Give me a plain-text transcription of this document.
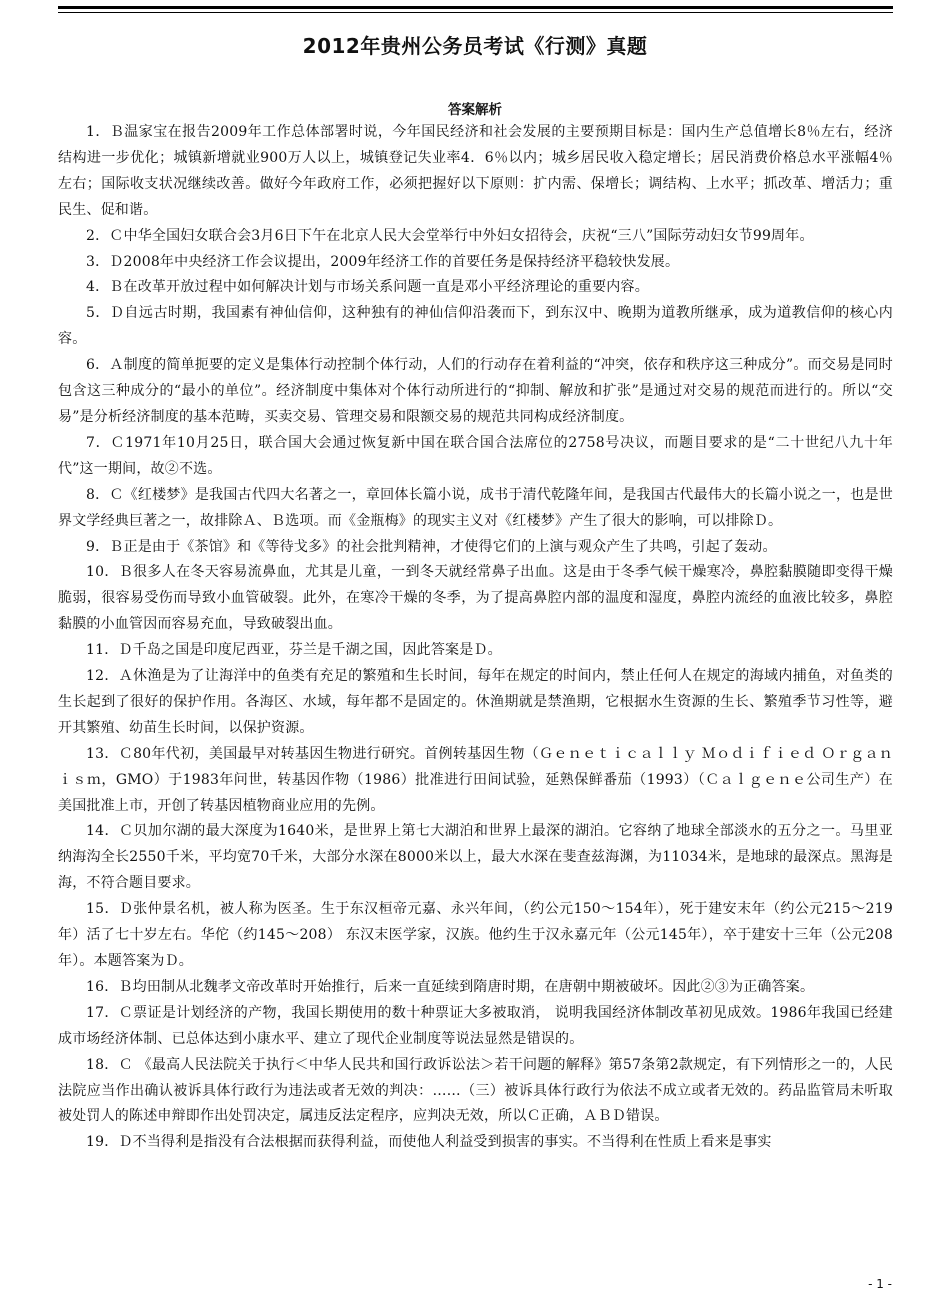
2012年贵州公务员考试《行测》真题
答案解析

1．Ｂ温家宝在报告2009年工作总体部署时说，今年国民经济和社会发展的主要预期目标是：国内生产总值增长8％左右，经济结构进一步优化；城镇新增就业900万人以上，城镇登记失业率4．6％以内；城乡居民收入稳定增长；居民消费价格总水平涨幅4％左右；国际收支状况继续改善。做好今年政府工作，必须把握好以下原则：扩内需、保增长；调结构、上水平；抓改革、增活力；重民生、促和谐。

2．Ｃ中华全国妇女联合会3月6日下午在北京人民大会堂举行中外妇女招待会，庆祝“三八”国际劳动妇女节99周年。

3．Ｄ2008年中央经济工作会议提出，2009年经济工作的首要任务是保持经济平稳较快发展。

4．Ｂ在改革开放过程中如何解决计划与市场关系问题一直是邓小平经济理论的重要内容。

5．Ｄ自远古时期，我国素有神仙信仰，这种独有的神仙信仰沿袭而下，到东汉中、晚期为道教所继承，成为道教信仰的核心内容。

6．Ａ制度的简单扼要的定义是集体行动控制个体行动，人们的行动存在着利益的“冲突，依存和秩序这三种成分”。而交易是同时包含这三种成分的“最小的单位”。经济制度中集体对个体行动所进行的“抑制、解放和扩张”是通过对交易的规范而进行的。所以“交易”是分析经济制度的基本范畴，买卖交易、管理交易和限额交易的规范共同构成经济制度。

7．Ｃ1971年10月25日，联合国大会通过恢复新中国在联合国合法席位的2758号决议，而题目要求的是“二十世纪八九十年代”这一期间，故②不选。

8．Ｃ《红楼梦》是我国古代四大名著之一，章回体长篇小说，成书于清代乾隆年间，是我国古代最伟大的长篇小说之一，也是世界文学经典巨著之一，故排除Ａ、Ｂ选项。而《金瓶梅》的现实主义对《红楼梦》产生了很大的影响，可以排除Ｄ。

9．Ｂ正是由于《茶馆》和《等待戈多》的社会批判精神，才使得它们的上演与观众产生了共鸣，引起了轰动。

10．Ｂ很多人在冬天容易流鼻血，尤其是儿童，一到冬天就经常鼻子出血。这是由于冬季气候干燥寒冷，鼻腔黏膜随即变得干燥脆弱，很容易受伤而导致小血管破裂。此外，在寒冷干燥的冬季，为了提高鼻腔内部的温度和湿度，鼻腔内流经的血液比较多，鼻腔黏膜的小血管因而容易充血，导致破裂出血。

11．Ｄ千岛之国是印度尼西亚，芬兰是千湖之国，因此答案是Ｄ。

12．Ａ休渔是为了让海洋中的鱼类有充足的繁殖和生长时间，每年在规定的时间内，禁止任何人在规定的海域内捕鱼，对鱼类的生长起到了很好的保护作用。各海区、水域，每年都不是固定的。休渔期就是禁渔期，它根据水生资源的生长、繁殖季节习性等，避开其繁殖、幼苗生长时间，以保护资源。

13．Ｃ80年代初，美国最早对转基因生物进行研究。首例转基因生物（Ｇｅｎｅｔｉｃａｌｌｙ Ｍｏｄｉｆｉｅｄ Ｏｒｇａｎｉｓｍ，GMO）于1983年问世，转基因作物（1986）批准进行田间试验，延熟保鲜番茄（1993）（Ｃａｌｇｅｎｅ公司生产）在美国批准上市，开创了转基因植物商业应用的先例。

14．Ｃ贝加尔湖的最大深度为1640米，是世界上第七大湖泊和世界上最深的湖泊。它容纳了地球全部淡水的五分之一。马里亚纳海沟全长2550千米，平均宽70千米，大部分水深在8000米以上，最大水深在斐查兹海渊，为11034米，是地球的最深点。黑海是海，不符合题目要求。

15．Ｄ张仲景名机，被人称为医圣。生于东汉桓帝元嘉、永兴年间，（约公元150～154年），死于建安末年（约公元215～219年）活了七十岁左右。华佗（约145～208） 东汉末医学家，汉族。他约生于汉永嘉元年（公元145年），卒于建安十三年（公元208年）。本题答案为Ｄ。

16．Ｂ均田制从北魏孝文帝改革时开始推行，后来一直延续到隋唐时期，在唐朝中期被破坏。因此②③为正确答案。

17．Ｃ票证是计划经济的产物，我国长期使用的数十种票证大多被取消， 说明我国经济体制改革初见成效。1986年我国已经建成市场经济体制、已总体达到小康水平、建立了现代企业制度等说法显然是错误的。

18．Ｃ 《最高人民法院关于执行＜中华人民共和国行政诉讼法＞若干问题的解释》第57条第2款规定，有下列情形之一的，人民法院应当作出确认被诉具体行政行为违法或者无效的判决：……（三）被诉具体行政行为依法不成立或者无效的。药品监管局未听取被处罚人的陈述申辩即作出处罚决定，属违反法定程序，应判决无效，所以Ｃ正确，ＡＢＤ错误。

19．Ｄ不当得利是指没有合法根据而获得利益，而使他人利益受到损害的事实。不当得利在性质上看来是事实

- 1 -
